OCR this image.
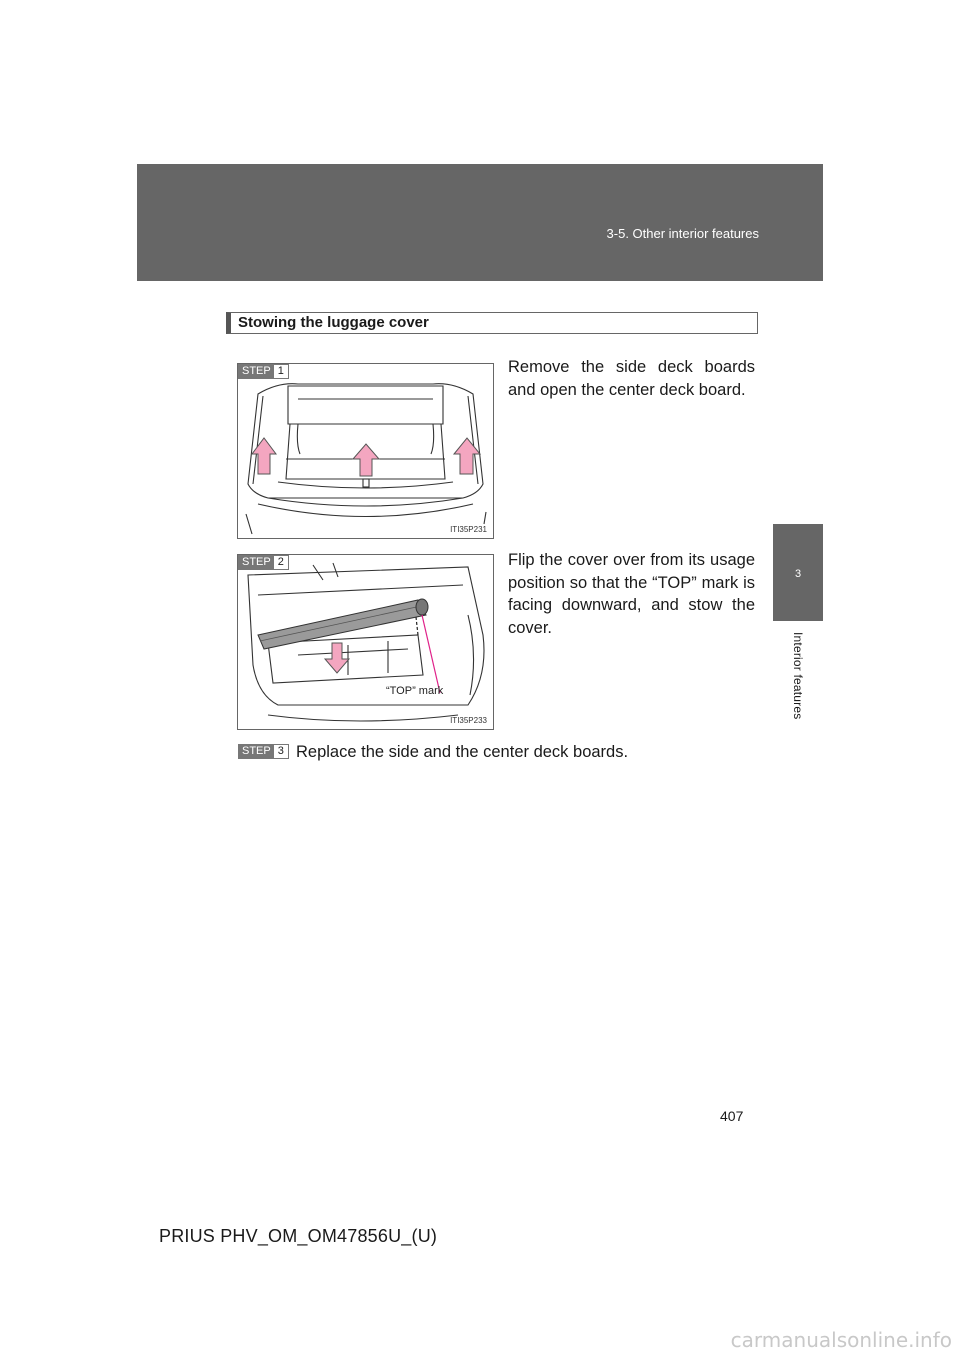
3-5. Other interior features
3
Interior features
Stowing the luggage cover
STEP 1
ITI35P231
Remove the side deck boards and open the center deck board.
STEP 2
“TOP” mark
ITI35P233
Flip the cover over from its usage position so that the “TOP” mark is facing downward, and stow the cover.
STEP 3 Replace the side and the center deck boards.
407
PRIUS PHV_OM_OM47856U_(U)
carmanualsonline.info
